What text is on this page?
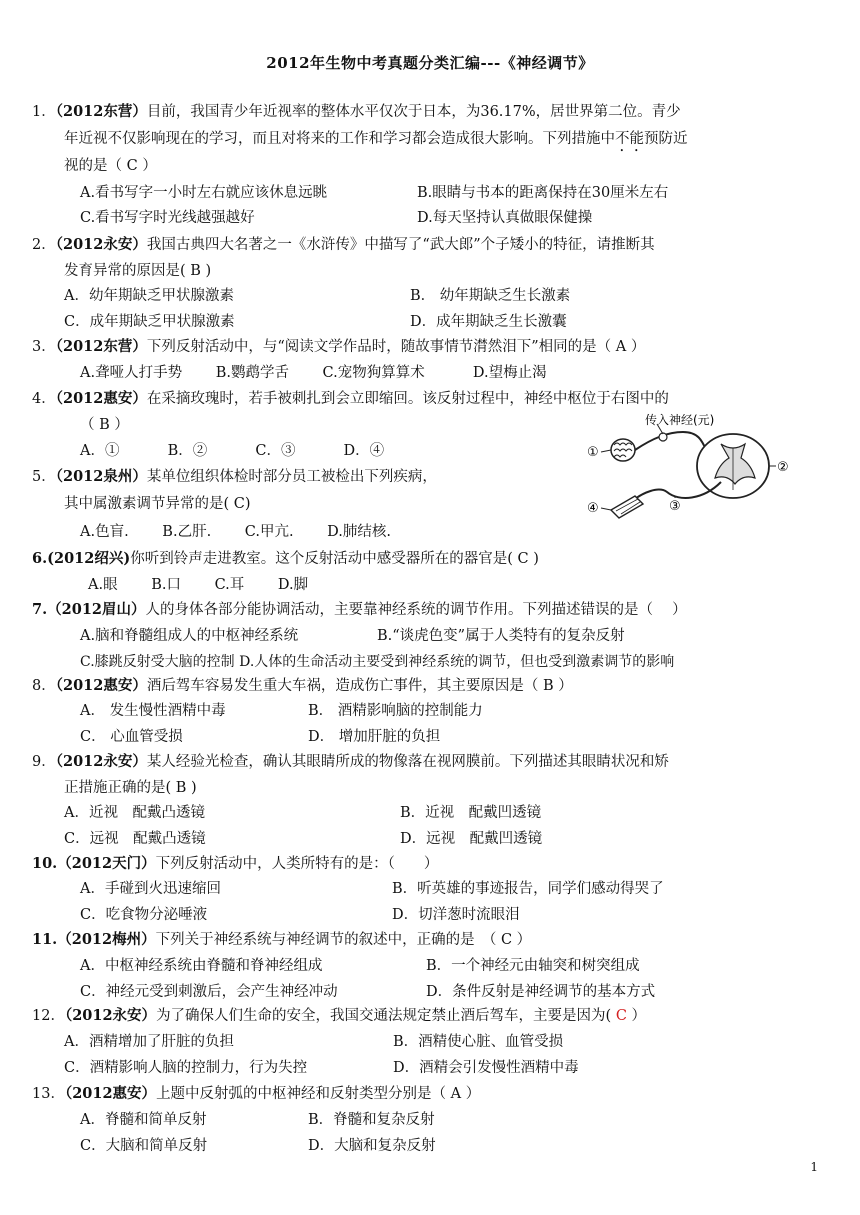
2012年生物中考真题分类汇编---《神经调节》
1．（2012东营）目前，我国青少年近视率的整体水平仅次于日本，为36.17%，居世界第二位。青少
年近视不仅影响现在的学习，而且对将来的工作和学习都会造成很大影响。下列措施中不能预防近
视的是（ C ）
A.看书写字一小时左右就应该休息远眺	B.眼睛与书本的距离保持在30厘米左右
C.看书写字时光线越强越好	D.每天坚持认真做眼保健操
2．（2012永安）我国古典四大名著之一《水浒传》中描写了“武大郎”个子矮小的特征，请推断其
发育异常的原因是( B )
A．幼年期缺乏甲状腺激素	B． 幼年期缺乏生长激素
C．成年期缺乏甲状腺激素	D．成年期缺乏生长激囊
3．（2012东营）下列反射活动中，与“阅读文学作品时，随故事情节潸然泪下”相同的是（ A ）
A.聋哑人打手势　　 B.鹦鹉学舌　　 C.宠物狗算算术　　　 D.望梅止渴
4．（2012惠安）在采摘玫瑰时，若手被刺扎到会立即缩回。该反射过程中，神经中枢位于右图中的
（ B ）
A．①　　　 B．②　　　 C．③　　　 D．④
传入神经(元)
①
②
③
④
5．（2012泉州）某单位组织体检时部分员工被检出下列疾病，
其中属激素调节异常的是( C)
A.色盲.　　 B.乙肝.　　 C.甲亢.　　 D.肺结核.
6.(2012绍兴)你听到铃声走进教室。这个反射活动中感受器所在的器官是( C )
A.眼　　 B.口　　 C.耳　　 D.脚
7.（2012眉山）人的身体各部分能协调活动，主要靠神经系统的调节作用。下列描述错误的是（　 ）
A.脑和脊髓组成人的中枢神经系统	B.“谈虎色变”属于人类特有的复杂反射
C.膝跳反射受大脑的控制 D.人体的生命活动主要受到神经系统的调节，但也受到激素调节的影响
8．（2012惠安）酒后驾车容易发生重大车祸，造成伤亡事件，其主要原因是（ B ）
A． 发生慢性酒精中毒	B． 酒精影响脑的控制能力
C． 心血管受损	D． 增加肝脏的负担
9．（2012永安）某人经验光检查，确认其眼睛所成的物像落在视网膜前。下列描述其眼睛状况和矫
正措施正确的是( B )
A．近视　配戴凸透镜	B．近视　配戴凹透镜
C．远视　配戴凸透镜	D．远视　配戴凹透镜
10.（2012天门）下列反射活动中，人类所特有的是：（　　）
A．手碰到火迅速缩回	B．听英雄的事迹报告，同学们感动得哭了
C．吃食物分泌唾液	D．切洋葱时流眼泪
11.（2012梅州）下列关于神经系统与神经调节的叙述中，正确的是　（ C ）
A．中枢神经系统由脊髓和脊神经组成	B．一个神经元由轴突和树突组成
C．神经元受到刺激后，会产生神经冲动	D．条件反射是神经调节的基本方式
12．（2012永安）为了确保人们生命的安全，我国交通法规定禁止酒后驾车，主要是因为( C ）
A．酒精增加了肝脏的负担	B．酒精使心脏、血管受损
C．酒精影响人脑的控制力，行为失控	D．酒精会引发慢性酒精中毒
13．（2012惠安）上题中反射弧的中枢神经和反射类型分别是（ A ）
A．脊髓和简单反射	B．脊髓和复杂反射
C．大脑和简单反射	D．大脑和复杂反射
1
